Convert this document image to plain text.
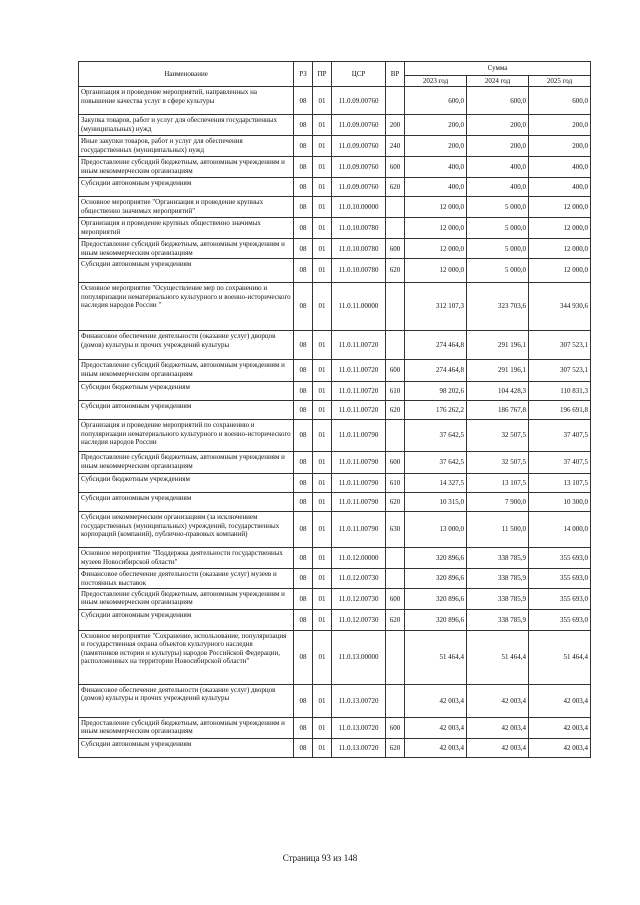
Наименование	РЗ	ПР	ЦСР	ВР	Сумма		
					2023 год	2024 год	2025 год
Организация и проведение мероприятий, направленных на повышение качества услуг в сфере культуры	08	01	11.0.09.00760		600,0	600,0	600,0
Закупка товаров, работ и услуг для обеспечения государственных (муниципальных) нужд	08	01	11.0.09.00760	200	200,0	200,0	200,0
Иные закупки товаров, работ и услуг для обеспечения государственных (муниципальных) нужд	08	01	11.0.09.00760	240	200,0	200,0	200,0
Предоставление субсидий бюджетным, автономным учреждениям и иным некоммерческим организациям	08	01	11.0.09.00760	600	400,0	400,0	400,0
Субсидии автономным учреждениям	08	01	11.0.09.00760	620	400,0	400,0	400,0
Основное мероприятие "Организация и проведение крупных общественно значимых мероприятий"	08	01	11.0.10.00000		12 000,0	5 000,0	12 000,0
Организация и проведение крупных общественно значимых мероприятий	08	01	11.0.10.00780		12 000,0	5 000,0	12 000,0
Предоставление субсидий бюджетным, автономным учреждениям и иным некоммерческим организациям	08	01	11.0.10.00780	600	12 000,0	5 000,0	12 000,0
Субсидии автономным учреждениям	08	01	11.0.10.00780	620	12 000,0	5 000,0	12 000,0
Основное мероприятие "Осуществление мер по сохранению и популяризации нематериального культурного и военно-исторического наследия народов России "	08	01	11.0.11.00000		312 107,3	323 703,6	344 930,6
Финансовое обеспечение деятельности (оказание услуг) дворцов (домов) культуры и прочих учреждений культуры	08	01	11.0.11.00720		274 464,8	291 196,1	307 523,1
Предоставление субсидий бюджетным, автономным учреждениям и иным некоммерческим организациям	08	01	11.0.11.00720	600	274 464,8	291 196,1	307 523,1
Субсидии бюджетным учреждениям	08	01	11.0.11.00720	610	98 202,6	104 428,3	110 831,3
Субсидии автономным учреждениям	08	01	11.0.11.00720	620	176 262,2	186 767,8	196 691,8
Организация и проведение мероприятий по сохранению и популяризации нематериального культурного и военно-исторического наследия народов России	08	01	11.0.11.00790		37 642,5	32 507,5	37 407,5
Предоставление субсидий бюджетным, автономным учреждениям и иным некоммерческим организациям	08	01	11.0.11.00790	600	37 642,5	32 507,5	37 407,5
Субсидии бюджетным учреждениям	08	01	11.0.11.00790	610	14 327,5	13 107,5	13 107,5
Субсидии автономным учреждениям	08	01	11.0.11.00790	620	10 315,0	7 900,0	10 300,0
Субсидии некоммерческим организациям (за исключением государственных (муниципальных) учреждений, государственных корпораций (компаний), публично-правовых компаний)	08	01	11.0.11.00790	630	13 000,0	11 500,0	14 000,0
Основное мероприятие "Поддержка деятельности государственных музеев Новосибирской области"	08	01	11.0.12.00000		320 896,6	338 785,9	355 693,0
Финансовое обеспечение деятельности (оказание услуг) музеев и постоянных выставок	08	01	11.0.12.00730		320 896,6	338 785,9	355 693,0
Предоставление субсидий бюджетным, автономным учреждениям и иным некоммерческим организациям	08	01	11.0.12.00730	600	320 896,6	338 785,9	355 693,0
Субсидии автономным учреждениям	08	01	11.0.12.00730	620	320 896,6	338 785,9	355 693,0
Основное мероприятие "Сохранение, использование, популяризация и государственная охрана объектов культурного наследия (памятников истории и культуры) народов Российской Федерации, расположенных на территории Новосибирской области"	08	01	11.0.13.00000		51 464,4	51 464,4	51 464,4
Финансовое обеспечение деятельности (оказание услуг) дворцов (домов) культуры и прочих учреждений культуры	08	01	11.0.13.00720		42 003,4	42 003,4	42 003,4
Предоставление субсидий бюджетным, автономным учреждениям и иным некоммерческим организациям	08	01	11.0.13.00720	600	42 003,4	42 003,4	42 003,4
Субсидии автономным учреждениям	08	01	11.0.13.00720	620	42 003,4	42 003,4	42 003,4
Страница 93 из 148
